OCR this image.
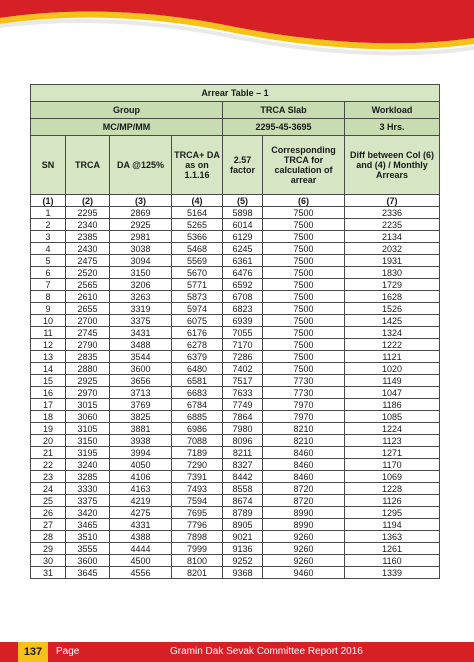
Arrear Table – 1						
Group				TRCA Slab		Workload
MC/MP/MM				2295-45-3695		3 Hrs.
SN	TRCA	DA @125%	TRCA+ DA as on 1.1.16	2.57 factor	Corresponding TRCA for calculation of arrear	Diff between Col (6) and (4) / Monthly Arrears
(1)	(2)	(3)	(4)	(5)	(6)	(7)
1	2295	2869	5164	5898	7500	2336
2	2340	2925	5265	6014	7500	2235
3	2385	2981	5366	6129	7500	2134
4	2430	3038	5468	6245	7500	2032
5	2475	3094	5569	6361	7500	1931
6	2520	3150	5670	6476	7500	1830
7	2565	3206	5771	6592	7500	1729
8	2610	3263	5873	6708	7500	1628
9	2655	3319	5974	6823	7500	1526
10	2700	3375	6075	6939	7500	1425
11	2745	3431	6176	7055	7500	1324
12	2790	3488	6278	7170	7500	1222
13	2835	3544	6379	7286	7500	1121
14	2880	3600	6480	7402	7500	1020
15	2925	3656	6581	7517	7730	1149
16	2970	3713	6683	7633	7730	1047
17	3015	3769	6784	7749	7970	1186
18	3060	3825	6885	7864	7970	1085
19	3105	3881	6986	7980	8210	1224
20	3150	3938	7088	8096	8210	1123
21	3195	3994	7189	8211	8460	1271
22	3240	4050	7290	8327	8460	1170
23	3285	4106	7391	8442	8460	1069
24	3330	4163	7493	8558	8720	1228
25	3375	4219	7594	8674	8720	1126
26	3420	4275	7695	8789	8990	1295
27	3465	4331	7796	8905	8990	1194
28	3510	4388	7898	9021	9260	1363
29	3555	4444	7999	9136	9260	1261
30	3600	4500	8100	9252	9260	1160
31	3645	4556	8201	9368	9460	1339
137	Page	Gramin Dak Sevak Committee Report 2016
